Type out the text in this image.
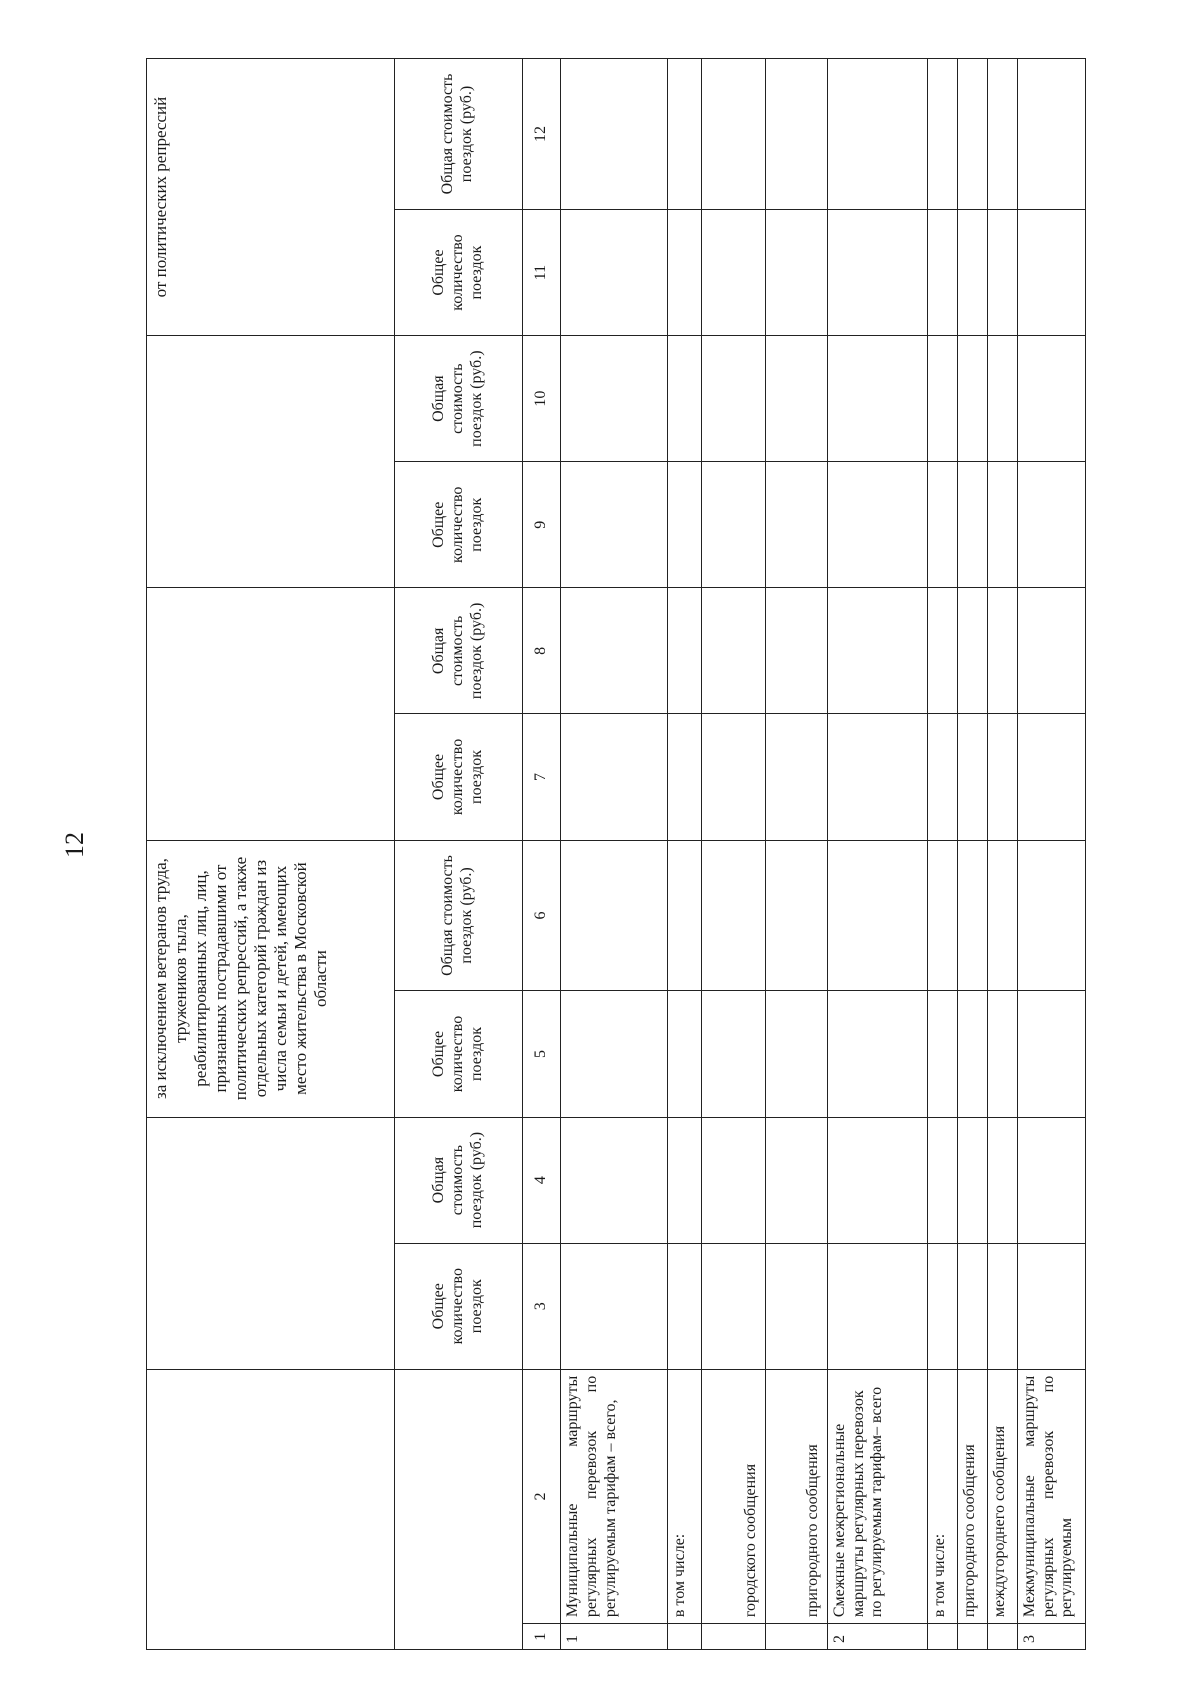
12
				за исключением ветеранов труда, тружеников тыла, реабилитированных лиц, лиц, признанных пострадавшими от политических репрессий, а также отдельных категорий граждан из числа семьи и детей, имеющих место жительства в Московской области						от политических репрессий	
		Общее количество поездок	Общая стоимость поездок (руб.)	Общее количество поездок	Общая стоимость поездок (руб.)	Общее количество поездок	Общая стоимость поездок (руб.)	Общее количество поездок	Общая стоимость поездок (руб.)	Общее количество поездок	Общая стоимость поездок (руб.)
1	2	3	4	5	6	7	8	9	10	11	12
1	Муниципальные маршруты регулярных перевозок по регулируемым тарифам – всего,										
	в том числе:										
	городского сообщения										
	пригородного сообщения										
2	Смежные межрегиональные маршруты регулярных перевозок по регулируемым тарифам– всего										
	в том числе:										
	пригородного сообщения										
	междугороднего сообщения										
3	Межмуниципальные маршруты регулярных перевозок по регулируемым										
